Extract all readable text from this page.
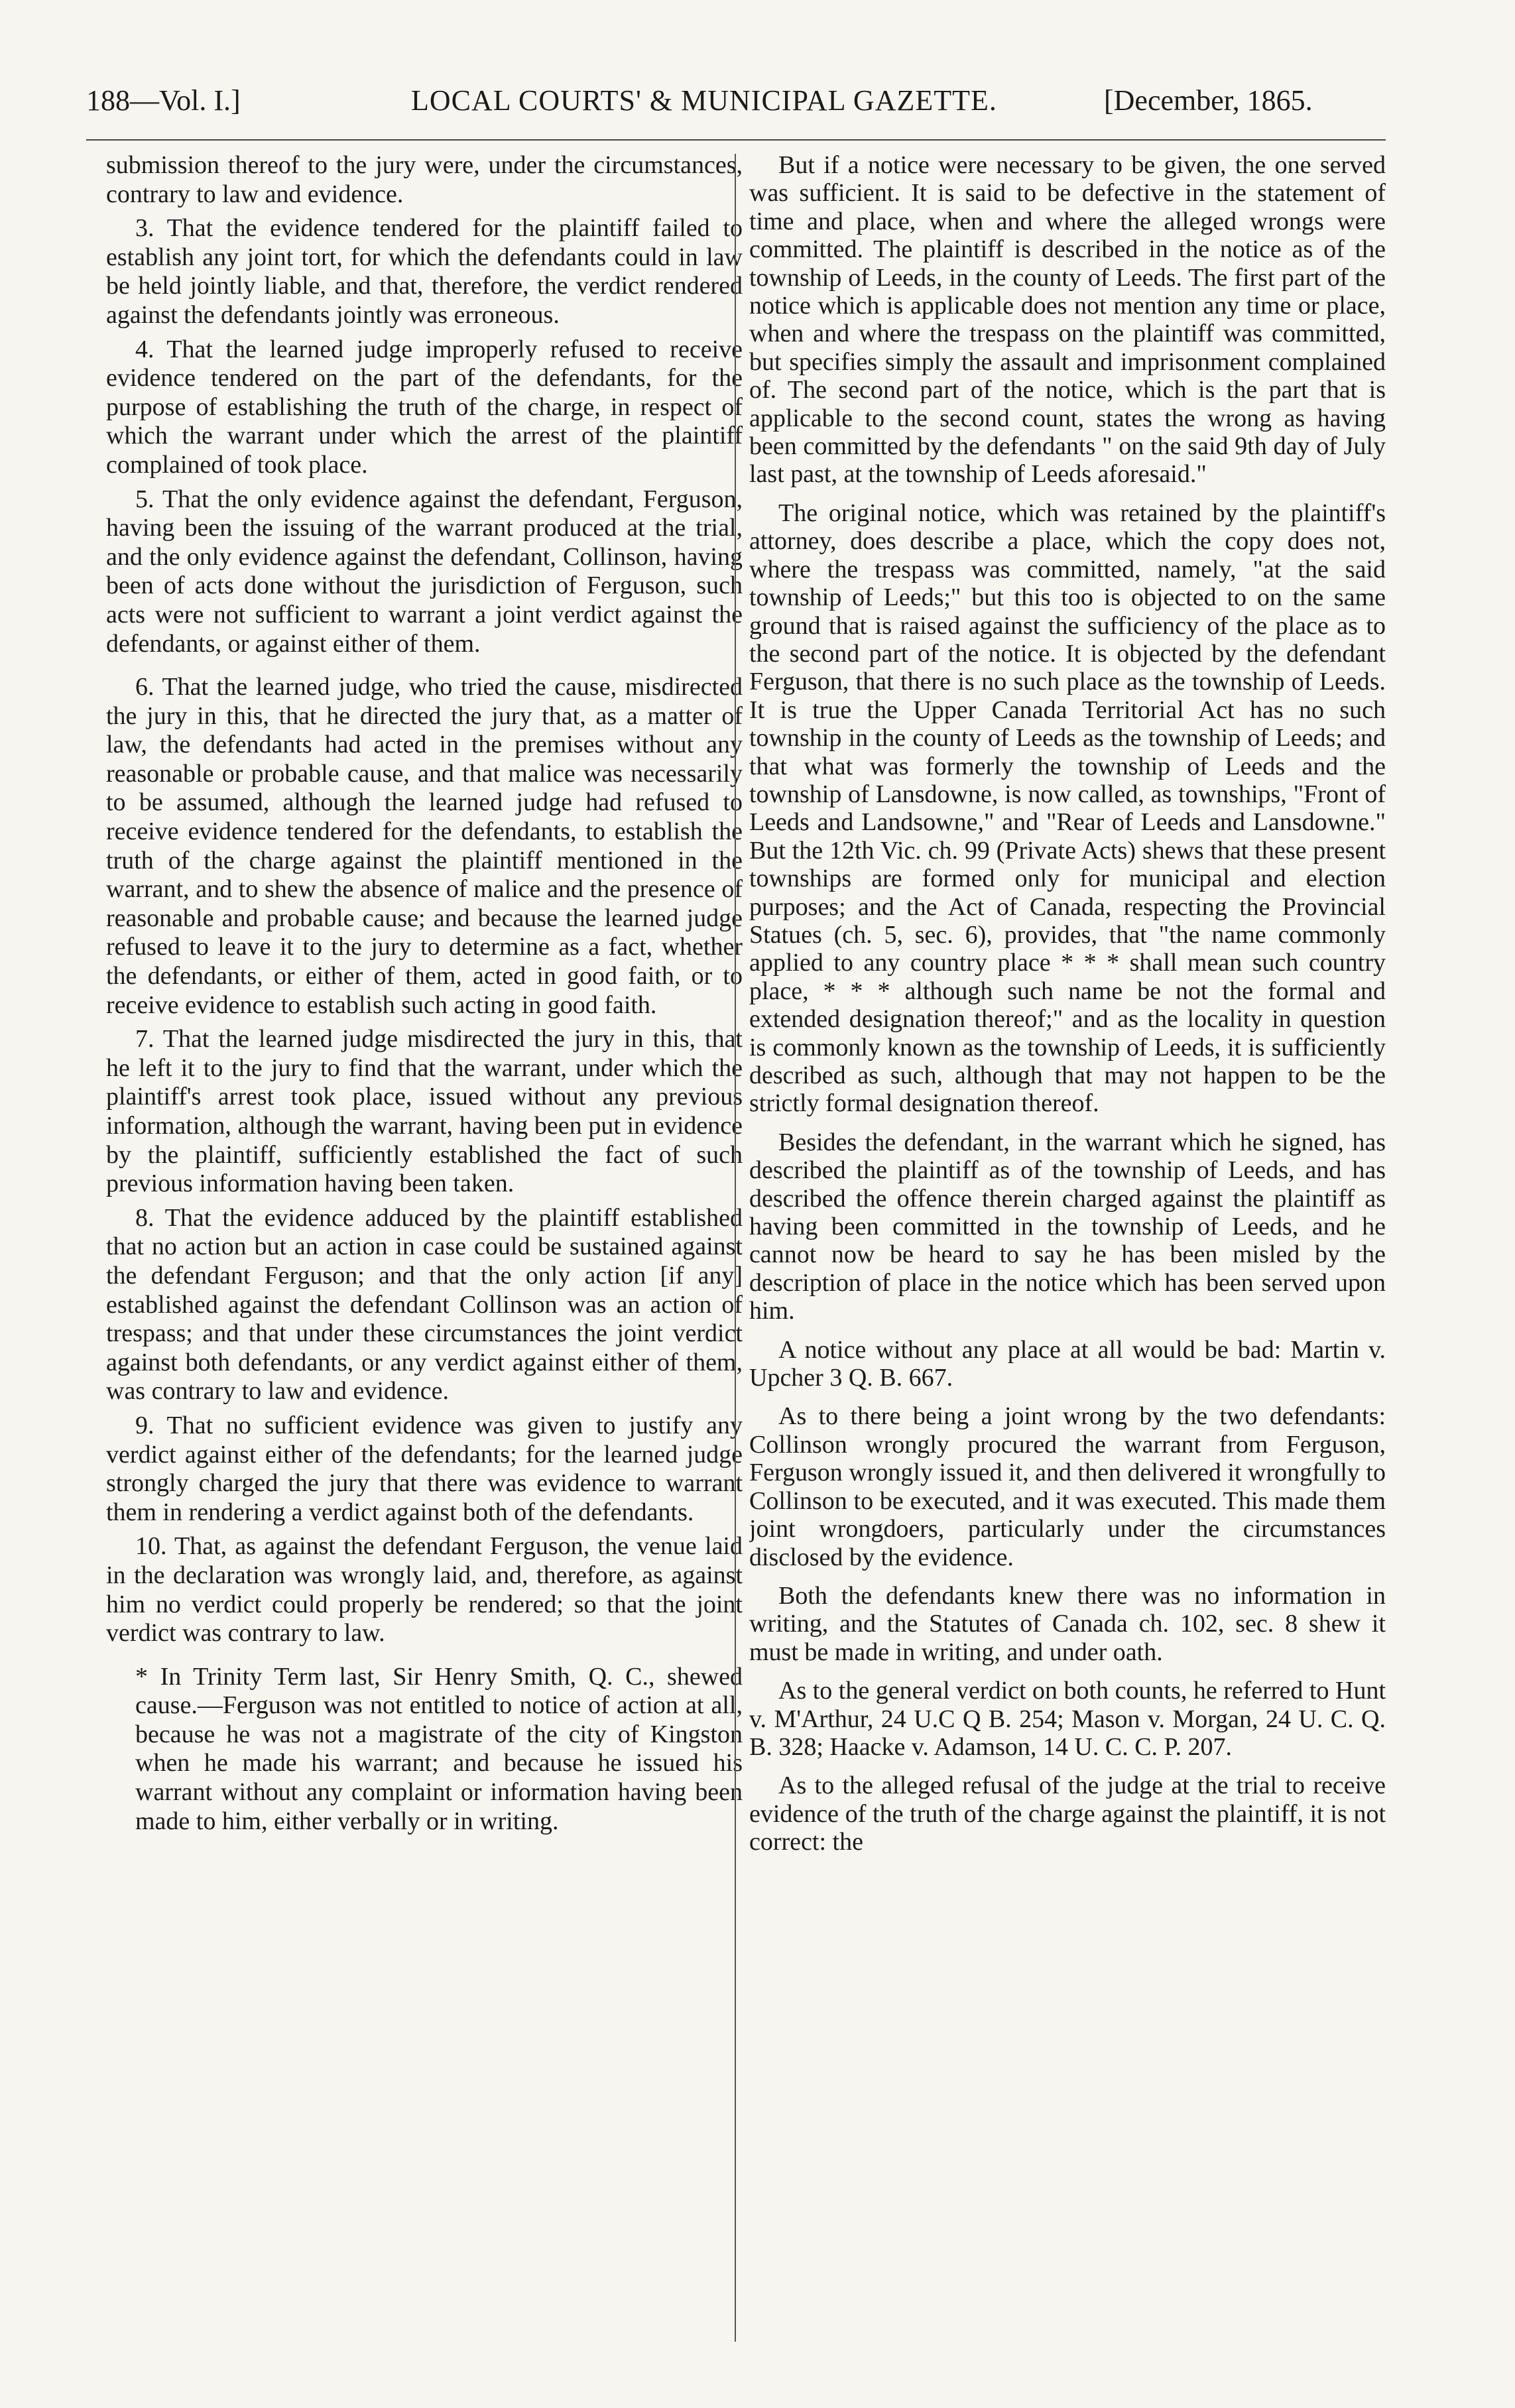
188—Vol. I.]	LOCAL COURTS' & MUNICIPAL GAZETTE.	[December, 1865.

submission thereof to the jury were, under the circumstances, contrary to law and evidence.

3. That the evidence tendered for the plaintiff failed to establish any joint tort, for which the defendants could in law be held jointly liable, and that, therefore, the verdict rendered against the defendants jointly was erroneous.

4. That the learned judge improperly refused to receive evidence tendered on the part of the defendants, for the purpose of establishing the truth of the charge, in respect of which the warrant under which the arrest of the plaintiff complained of took place.

5. That the only evidence against the defendant, Ferguson, having been the issuing of the warrant produced at the trial, and the only evidence against the defendant, Collinson, having been of acts done without the jurisdiction of Ferguson, such acts were not sufficient to warrant a joint verdict against the defendants, or against either of them.

6. That the learned judge, who tried the cause, misdirected the jury in this, that he directed the jury that, as a matter of law, the defendants had acted in the premises without any reasonable or probable cause, and that malice was necessarily to be assumed, although the learned judge had refused to receive evidence tendered for the defendants, to establish the truth of the charge against the plaintiff mentioned in the warrant, and to shew the absence of malice and the presence of reasonable and probable cause; and because the learned judge refused to leave it to the jury to determine as a fact, whether the defendants, or either of them, acted in good faith, or to receive evidence to establish such acting in good faith.

7. That the learned judge misdirected the jury in this, that he left it to the jury to find that the warrant, under which the plaintiff's arrest took place, issued without any previous information, although the warrant, having been put in evidence by the plaintiff, sufficiently established the fact of such previous information having been taken.

8. That the evidence adduced by the plaintiff established that no action but an action in case could be sustained against the defendant Ferguson; and that the only action [if any] established against the defendant Collinson was an action of trespass; and that under these circumstances the joint verdict against both defendants, or any verdict against either of them, was contrary to law and evidence.

9. That no sufficient evidence was given to justify any verdict against either of the defendants; for the learned judge strongly charged the jury that there was evidence to warrant them in rendering a verdict against both of the defendants.

10. That, as against the defendant Ferguson, the venue laid in the declaration was wrongly laid, and, therefore, as against him no verdict could properly be rendered; so that the joint verdict was contrary to law.

* In Trinity Term last, Sir Henry Smith, Q. C., shewed cause.—Ferguson was not entitled to notice of action at all, because he was not a magistrate of the city of Kingston when he made his warrant; and because he issued his warrant without any complaint or information having been made to him, either verbally or in writing.

But if a notice were necessary to be given, the one served was sufficient. It is said to be defective in the statement of time and place, when and where the alleged wrongs were committed. The plaintiff is described in the notice as of the township of Leeds, in the county of Leeds. The first part of the notice which is applicable does not mention any time or place, when and where the trespass on the plaintiff was committed, but specifies simply the assault and imprisonment complained of. The second part of the notice, which is the part that is applicable to the second count, states the wrong as having been committed by the defendants " on the said 9th day of July last past, at the township of Leeds aforesaid."

The original notice, which was retained by the plaintiff's attorney, does describe a place, which the copy does not, where the trespass was committed, namely, "at the said township of Leeds;" but this too is objected to on the same ground that is raised against the sufficiency of the place as to the second part of the notice. It is objected by the defendant Ferguson, that there is no such place as the township of Leeds. It is true the Upper Canada Territorial Act has no such township in the county of Leeds as the township of Leeds; and that what was formerly the township of Leeds and the township of Lansdowne, is now called, as townships, "Front of Leeds and Landsowne," and "Rear of Leeds and Lansdowne." But the 12th Vic. ch. 99 (Private Acts) shews that these present townships are formed only for municipal and election purposes; and the Act of Canada, respecting the Provincial Statues (ch. 5, sec. 6), provides, that "the name commonly applied to any country place * * * shall mean such country place, * * * although such name be not the formal and extended designation thereof;" and as the locality in question is commonly known as the township of Leeds, it is sufficiently described as such, although that may not happen to be the strictly formal designation thereof.

Besides the defendant, in the warrant which he signed, has described the plaintiff as of the township of Leeds, and has described the offence therein charged against the plaintiff as having been committed in the township of Leeds, and he cannot now be heard to say he has been misled by the description of place in the notice which has been served upon him.

A notice without any place at all would be bad: Martin v. Upcher 3 Q. B. 667.

As to there being a joint wrong by the two defendants: Collinson wrongly procured the warrant from Ferguson, Ferguson wrongly issued it, and then delivered it wrongfully to Collinson to be executed, and it was executed. This made them joint wrongdoers, particularly under the circumstances disclosed by the evidence.

Both the defendants knew there was no information in writing, and the Statutes of Canada ch. 102, sec. 8 shew it must be made in writing, and under oath.

As to the general verdict on both counts, he referred to Hunt v. M'Arthur, 24 U.C Q B. 254; Mason v. Morgan, 24 U. C. Q. B. 328; Haacke v. Adamson, 14 U. C. C. P. 207.

As to the alleged refusal of the judge at the trial to receive evidence of the truth of the charge against the plaintiff, it is not correct: the
